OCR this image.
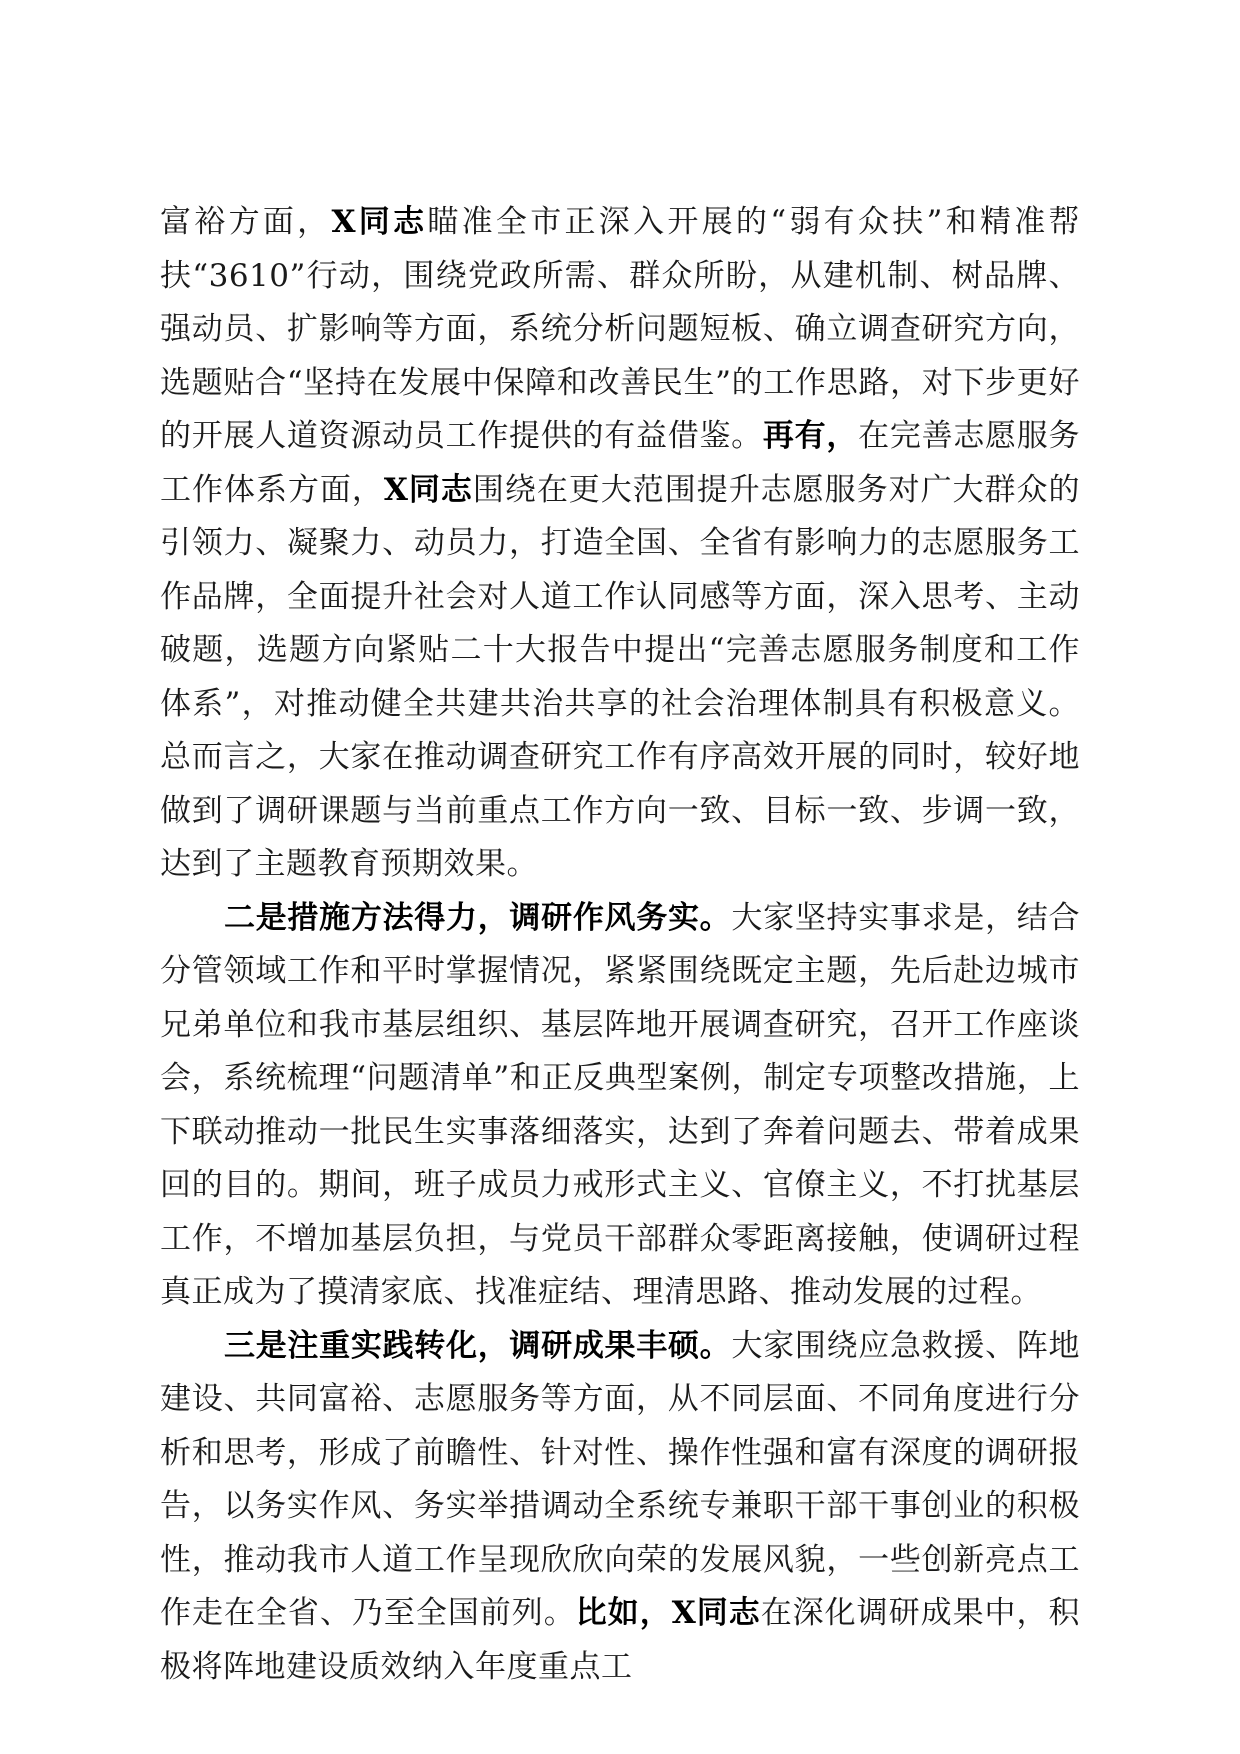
富裕方面，X同志瞄准全市正深入开展的“弱有众扶”和精准帮扶“3610”行动，围绕党政所需、群众所盼，从建机制、树品牌、强动员、扩影响等方面，系统分析问题短板、确立调查研究方向，选题贴合“坚持在发展中保障和改善民生”的工作思路，对下步更好的开展人道资源动员工作提供的有益借鉴。再有，在完善志愿服务工作体系方面，X同志围绕在更大范围提升志愿服务对广大群众的引领力、凝聚力、动员力，打造全国、全省有影响力的志愿服务工作品牌，全面提升社会对人道工作认同感等方面，深入思考、主动破题，选题方向紧贴二十大报告中提出“完善志愿服务制度和工作体系”，对推动健全共建共治共享的社会治理体制具有积极意义。总而言之，大家在推动调查研究工作有序高效开展的同时，较好地做到了调研课题与当前重点工作方向一致、目标一致、步调一致，达到了主题教育预期效果。

二是措施方法得力，调研作风务实。大家坚持实事求是，结合分管领域工作和平时掌握情况，紧紧围绕既定主题，先后赴边城市兄弟单位和我市基层组织、基层阵地开展调查研究，召开工作座谈会，系统梳理“问题清单”和正反典型案例，制定专项整改措施，上下联动推动一批民生实事落细落实，达到了奔着问题去、带着成果回的目的。期间，班子成员力戒形式主义、官僚主义，不打扰基层工作，不增加基层负担，与党员干部群众零距离接触，使调研过程真正成为了摸清家底、找准症结、理清思路、推动发展的过程。

三是注重实践转化，调研成果丰硕。大家围绕应急救援、阵地建设、共同富裕、志愿服务等方面，从不同层面、不同角度进行分析和思考，形成了前瞻性、针对性、操作性强和富有深度的调研报告，以务实作风、务实举措调动全系统专兼职干部干事创业的积极性，推动我市人道工作呈现欣欣向荣的发展风貌，一些创新亮点工作走在全省、乃至全国前列。比如，X同志在深化调研成果中，积极将阵地建设质效纳入年度重点工
